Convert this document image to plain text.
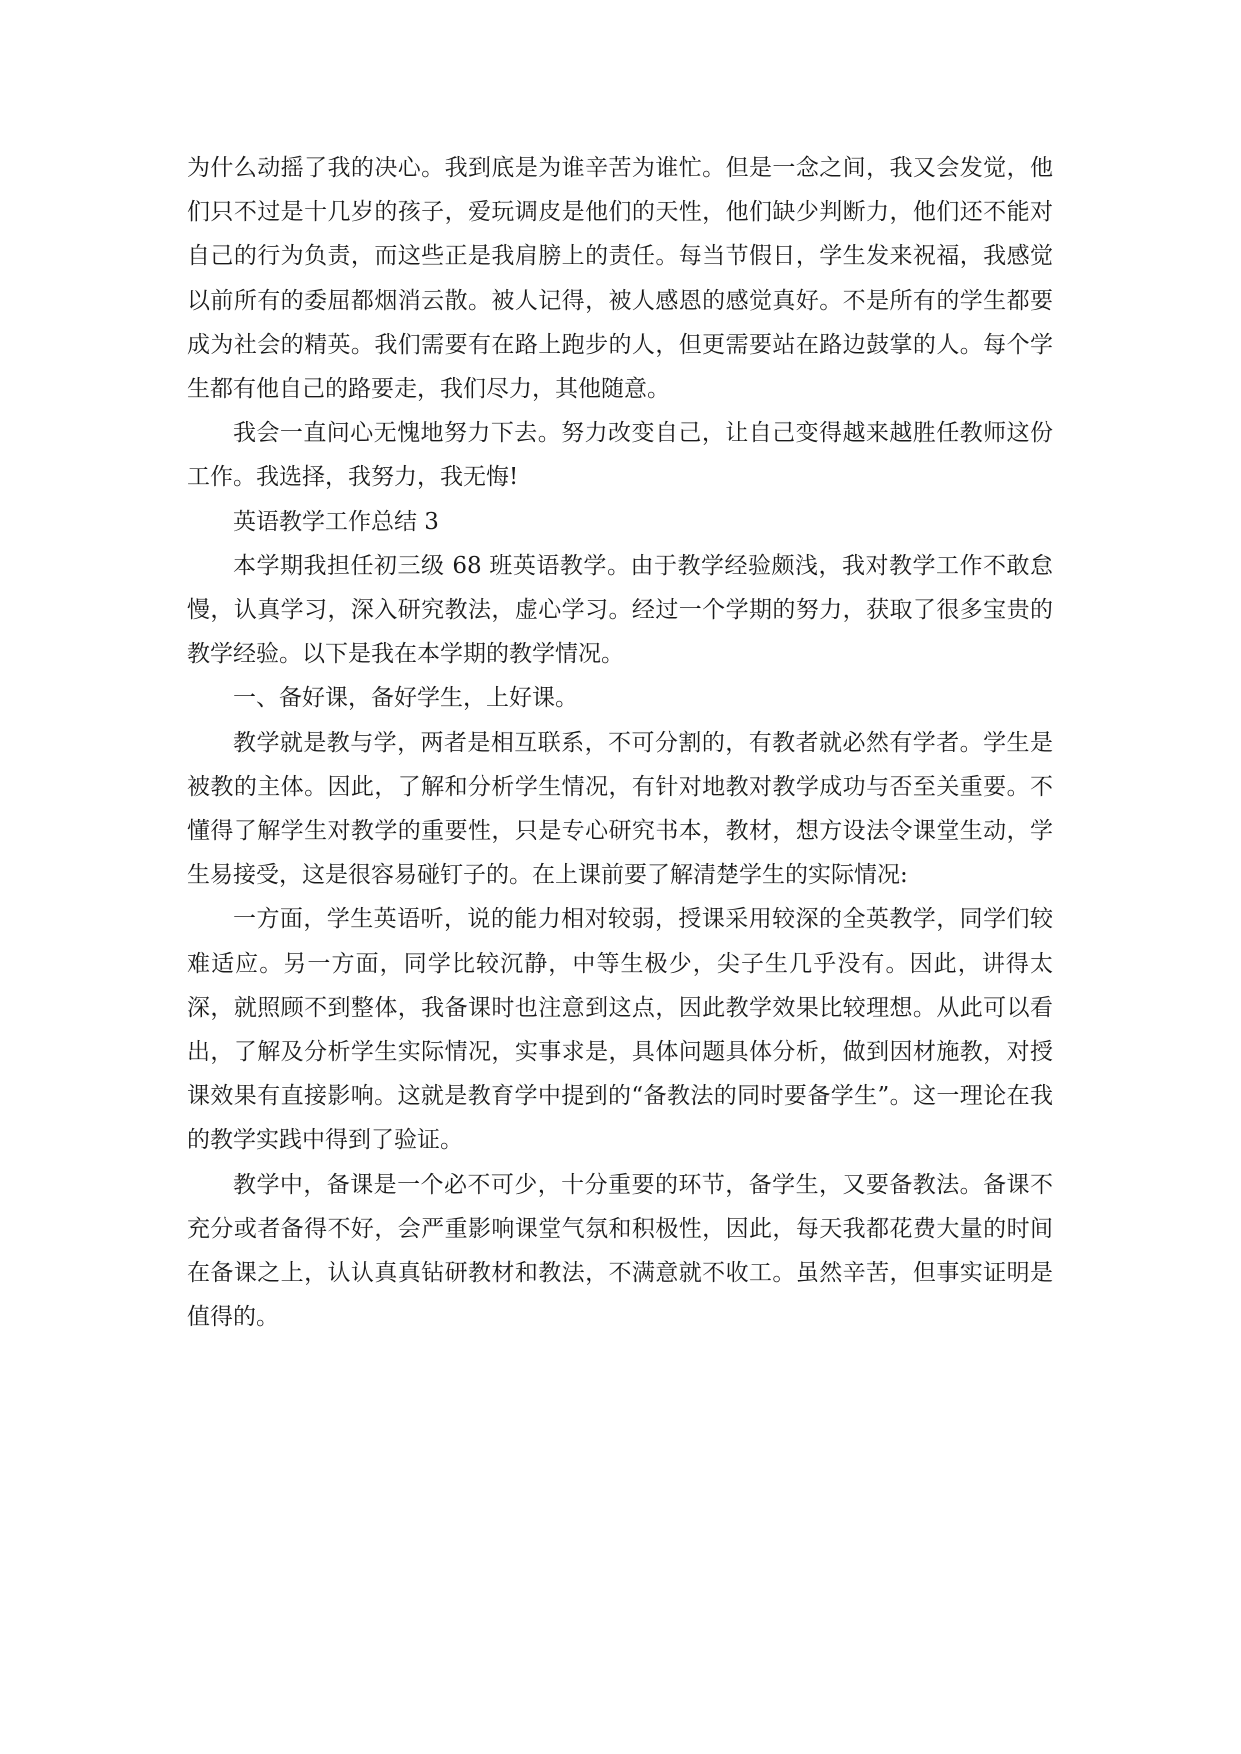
为什么动摇了我的决心。我到底是为谁辛苦为谁忙。但是一念之间，我又会发觉，他们只不过是十几岁的孩子，爱玩调皮是他们的天性，他们缺少判断力，他们还不能对自己的行为负责，而这些正是我肩膀上的责任。每当节假日，学生发来祝福，我感觉以前所有的委屈都烟消云散。被人记得，被人感恩的感觉真好。不是所有的学生都要成为社会的精英。我们需要有在路上跑步的人，但更需要站在路边鼓掌的人。每个学生都有他自己的路要走，我们尽力，其他随意。

我会一直问心无愧地努力下去。努力改变自己，让自己变得越来越胜任教师这份工作。我选择，我努力，我无悔!

英语教学工作总结 3

本学期我担任初三级 68 班英语教学。由于教学经验颇浅，我对教学工作不敢怠慢，认真学习，深入研究教法，虚心学习。经过一个学期的努力，获取了很多宝贵的教学经验。以下是我在本学期的教学情况。

一、备好课，备好学生，上好课。

教学就是教与学，两者是相互联系，不可分割的，有教者就必然有学者。学生是被教的主体。因此，了解和分析学生情况，有针对地教对教学成功与否至关重要。不懂得了解学生对教学的重要性，只是专心研究书本，教材，想方设法令课堂生动，学生易接受，这是很容易碰钉子的。在上课前要了解清楚学生的实际情况:

一方面，学生英语听，说的能力相对较弱，授课采用较深的全英教学，同学们较难适应。另一方面，同学比较沉静，中等生极少，尖子生几乎没有。因此，讲得太深，就照顾不到整体，我备课时也注意到这点，因此教学效果比较理想。从此可以看出，了解及分析学生实际情况，实事求是，具体问题具体分析，做到因材施教，对授课效果有直接影响。这就是教育学中提到的“备教法的同时要备学生”。这一理论在我的教学实践中得到了验证。

教学中，备课是一个必不可少，十分重要的环节，备学生，又要备教法。备课不充分或者备得不好，会严重影响课堂气氛和积极性，因此，每天我都花费大量的时间在备课之上，认认真真钻研教材和教法，不满意就不收工。虽然辛苦，但事实证明是值得的。
